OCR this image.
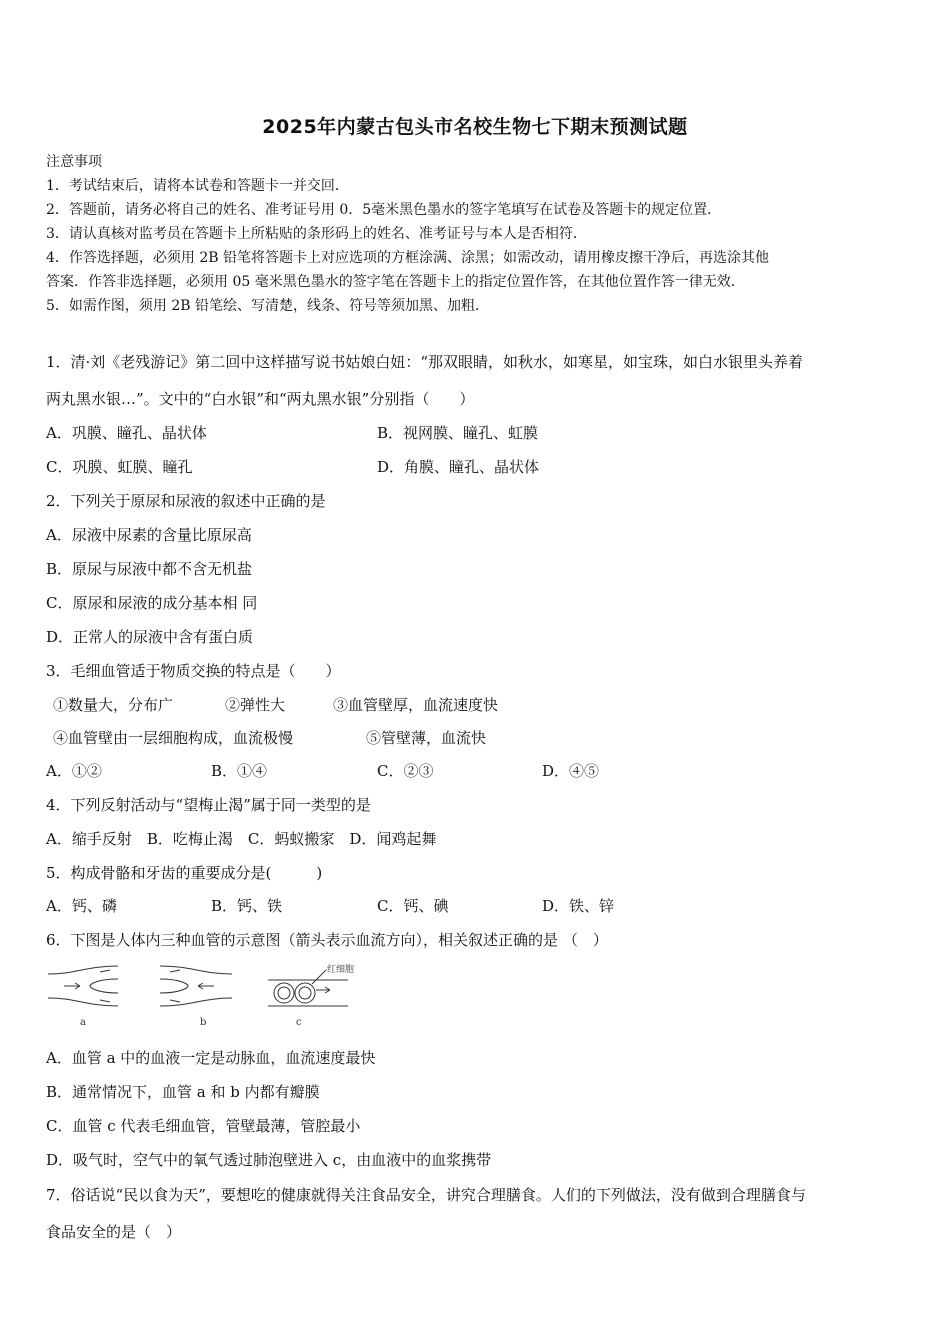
2025年内蒙古包头市名校生物七下期末预测试题
注意事项
1．考试结束后，请将本试卷和答题卡一并交回．
2．答题前，请务必将自己的姓名、准考证号用 0．5毫米黑色墨水的签字笔填写在试卷及答题卡的规定位置．
3．请认真核对监考员在答题卡上所粘贴的条形码上的姓名、准考证号与本人是否相符．
4．作答选择题，必须用 2B 铅笔将答题卡上对应选项的方框涂满、涂黑；如需改动，请用橡皮擦干净后，再选涂其他
答案．作答非选择题，必须用 05 毫米黑色墨水的签字笔在答题卡上的指定位置作答，在其他位置作答一律无效．
5．如需作图，须用 2B 铅笔绘、写清楚，线条、符号等须加黑、加粗．
1．清·刘《老残游记》第二回中这样描写说书姑娘白妞：“那双眼睛，如秋水，如寒星，如宝珠，如白水银里头养着
两丸黑水银…”。文中的“白水银”和“两丸黑水银”分别指（　　）
A．巩膜、瞳孔、晶状体	B．视网膜、瞳孔、虹膜
C．巩膜、虹膜、瞳孔	D．角膜、瞳孔、晶状体
2．下列关于原尿和尿液的叙述中正确的是
A．尿液中尿素的含量比原尿高
B．原尿与尿液中都不含无机盐
C．原尿和尿液的成分基本相 同
D．正常人的尿液中含有蛋白质
3．毛细血管适于物质交换的特点是（　　）
①数量大，分布广	②弹性大	③血管壁厚，血流速度快
④血管壁由一层细胞构成，血流极慢	⑤管壁薄，血流快
A．①②	B．①④	C．②③	D．④⑤
4．下列反射活动与“望梅止渴”属于同一类型的是
A．缩手反射　B．吃梅止渴　C．蚂蚁搬家　D．闻鸡起舞
5．构成骨骼和牙齿的重要成分是(　　　)
A．钙、磷	B．钙、铁	C．钙、碘	D．铁、锌
6．下图是人体内三种血管的示意图（箭头表示血流方向），相关叙述正确的是 （　）
a	b
红细胞
c
A．血管 a 中的血液一定是动脉血，血流速度最快
B．通常情况下，血管 a 和 b 内都有瓣膜
C．血管 c 代表毛细血管，管壁最薄，管腔最小
D．吸气时，空气中的氧气透过肺泡壁进入 c，由血液中的血浆携带
7．俗话说“民以食为天”，要想吃的健康就得关注食品安全，讲究合理膳食。人们的下列做法，没有做到合理膳食与
食品安全的是（　）
